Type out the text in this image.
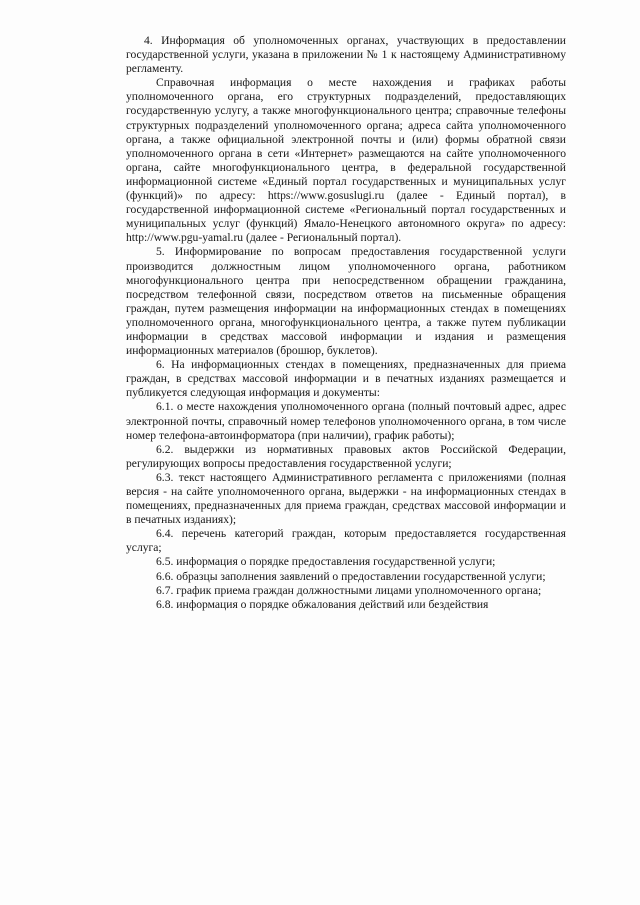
4. Информация об уполномоченных органах, участвующих в предоставлении государственной услуги, указана в приложении № 1 к настоящему Административному регламенту.

Справочная информация о месте нахождения и графиках работы уполномоченного органа, его структурных подразделений, предоставляющих государственную услугу, а также многофункционального центра; справочные телефоны структурных подразделений уполномоченного органа; адреса сайта уполномоченного органа, а также официальной электронной почты и (или) формы обратной связи уполномоченного органа в сети «Интернет» размещаются на сайте уполномоченного органа, сайте многофункционального центра, в федеральной государственной информационной системе «Единый портал государственных и муниципальных услуг (функций)» по адресу: https://www.gosuslugi.ru (далее - Единый портал), в государственной информационной системе «Региональный портал государственных и муниципальных услуг (функций) Ямало-Ненецкого автономного округа» по адресу: http://www.pgu-yamal.ru (далее - Региональный портал).

5. Информирование по вопросам предоставления государственной услуги производится должностным лицом уполномоченного органа, работником многофункционального центра при непосредственном обращении гражданина, посредством телефонной связи, посредством ответов на письменные обращения граждан, путем размещения информации на информационных стендах в помещениях уполномоченного органа, многофункционального центра, а также путем публикации информации в средствах массовой информации и издания и размещения информационных материалов (брошюр, буклетов).

6. На информационных стендах в помещениях, предназначенных для приема граждан, в средствах массовой информации и в печатных изданиях размещается и публикуется следующая информация и документы:

6.1. о месте нахождения уполномоченного органа (полный почтовый адрес, адрес электронной почты, справочный номер телефонов уполномоченного органа, в том числе номер телефона-автоинформатора (при наличии), график работы);

6.2. выдержки из нормативных правовых актов Российской Федерации, регулирующих вопросы предоставления государственной услуги;

6.3. текст настоящего Административного регламента с приложениями (полная версия - на сайте уполномоченного органа, выдержки - на информационных стендах в помещениях, предназначенных для приема граждан, средствах массовой информации и в печатных изданиях);

6.4. перечень категорий граждан, которым предоставляется государственная услуга;

6.5. информация о порядке предоставления государственной услуги;

6.6. образцы заполнения заявлений о предоставлении государственной услуги;

6.7. график приема граждан должностными лицами уполномоченного органа;

6.8. информация о порядке обжалования действий или бездействия
